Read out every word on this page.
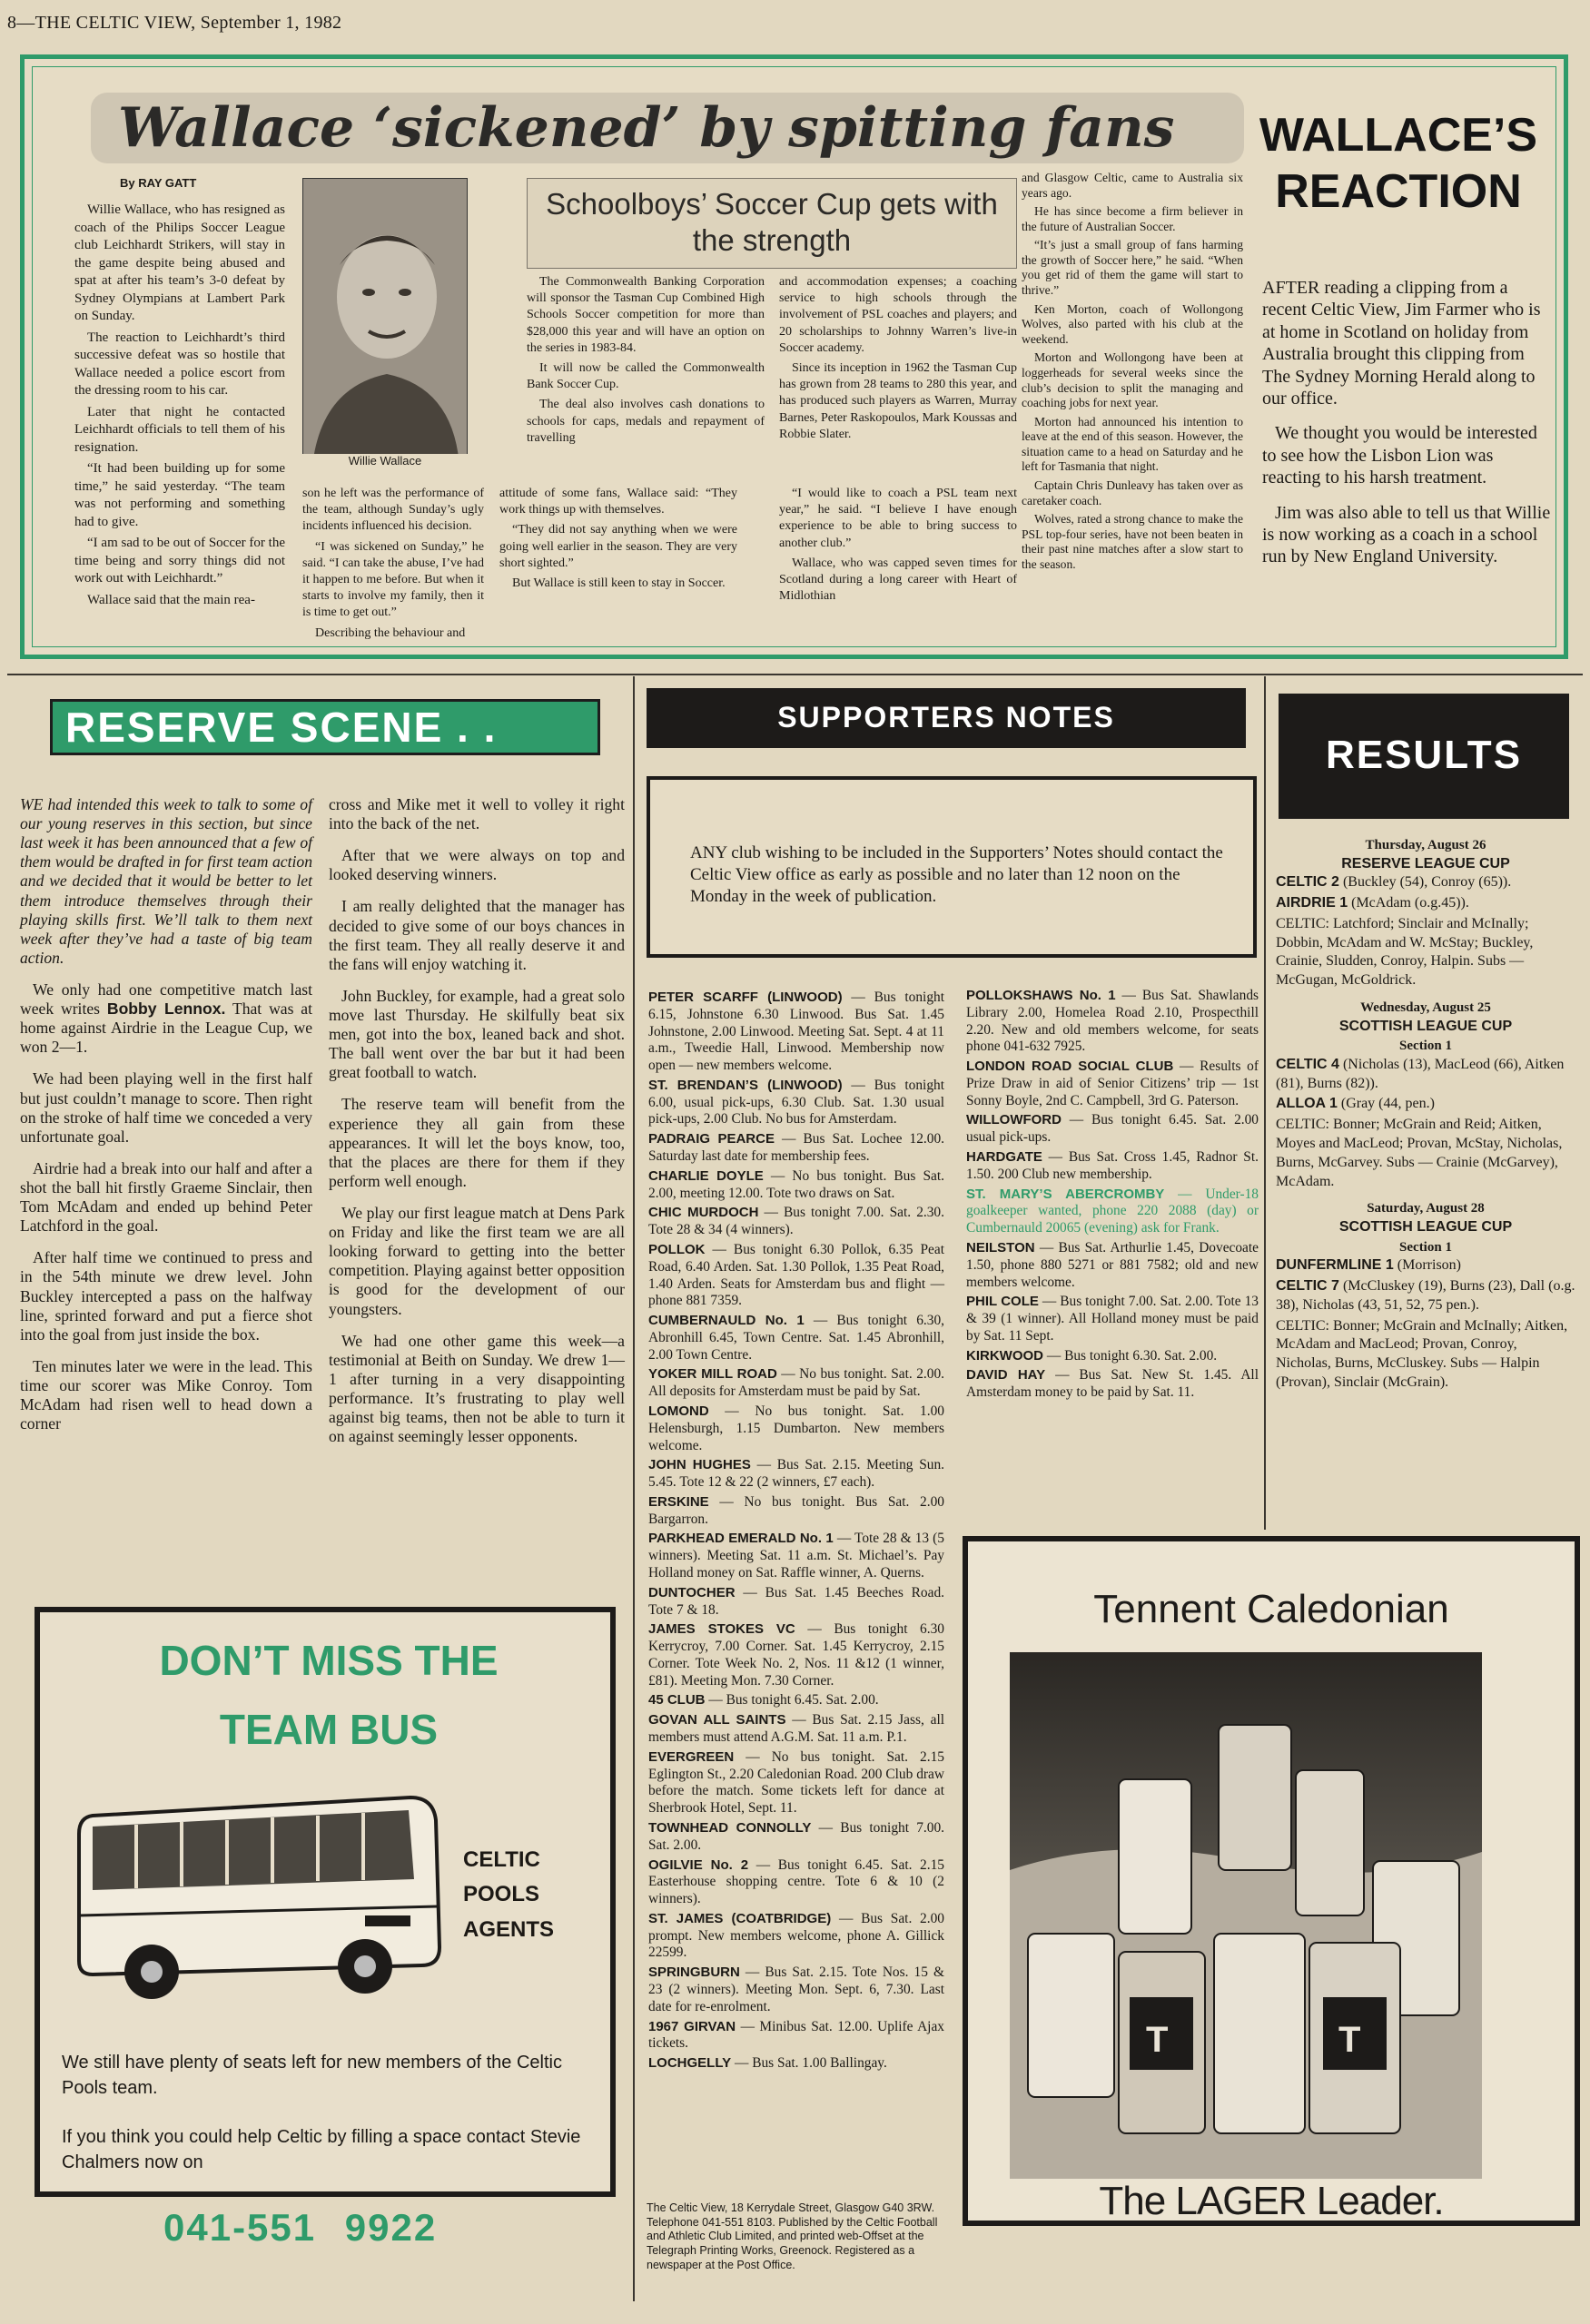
8—THE CELTIC VIEW, September 1, 1982
Wallace ‘sickened’ by spitting fans
By RAY GATT

Willie Wallace, who has resigned as coach of the Philips Soccer League club Leichhardt Strikers, will stay in the game despite being abused and spat at after his team’s 3-0 defeat by Sydney Olympians at Lambert Park on Sunday.

The reaction to Leichhardt’s third successive defeat was so hostile that Wallace needed a police escort from the dressing room to his car.

Later that night he contacted Leichhardt officials to tell them of his resignation.

“It had been building up for some time,” he said yesterday. “The team was not performing and something had to give.

“I am sad to be out of Soccer for the time being and sorry things did not work out with Leichhardt.”

Wallace said that the main rea-

Willie Wallace

son he left was the performance of the team, although Sunday’s ugly incidents influenced his decision.

“I was sickened on Sunday,” he said. “I can take the abuse, I’ve had it happen to me before. But when it starts to involve my family, then it is time to get out.”

Describing the behaviour and

Schoolboys’ Soccer Cup gets with the strength

The Commonwealth Banking Corporation will sponsor the Tasman Cup Combined High Schools Soccer competition for more than $28,000 this year and will have an option on the series in 1983-84.

It will now be called the Commonwealth Bank Soccer Cup.

The deal also involves cash donations to schools for caps, medals and repayment of travelling

and accommodation expenses; a coaching service to high schools through the involvement of PSL coaches and players; and 20 scholarships to Johnny Warren’s live-in Soccer academy.

Since its inception in 1962 the Tasman Cup has grown from 28 teams to 280 this year, and has produced such players as Warren, Murray Barnes, Peter Raskopoulos, Mark Koussas and Robbie Slater.

attitude of some fans, Wallace said: “They work things up with themselves.

“They did not say anything when we were going well earlier in the season. They are very short sighted.”

But Wallace is still keen to stay in Soccer.

“I would like to coach a PSL team next year,” he said. “I believe I have enough experience to be able to bring success to another club.”

Wallace, who was capped seven times for Scotland during a long career with Heart of Midlothian

and Glasgow Celtic, came to Australia six years ago.

He has since become a firm believer in the future of Australian Soccer.

“It’s just a small group of fans harming the growth of Soccer here,” he said. “When you get rid of them the game will start to thrive.”

Ken Morton, coach of Wollongong Wolves, also parted with his club at the weekend.

Morton and Wollongong have been at loggerheads for several weeks since the club’s decision to split the managing and coaching jobs for next year.

Morton had announced his intention to leave at the end of this season. However, the situation came to a head on Saturday and he left for Tasmania that night.

Captain Chris Dunleavy has taken over as caretaker coach.

Wolves, rated a strong chance to make the PSL top-four series, have not been beaten in their past nine matches after a slow start to the season.

WALLACE’S
REACTION

AFTER reading a clipping from a recent Celtic View, Jim Farmer who is at home in Scotland on holiday from Australia brought this clipping from The Sydney Morning Herald along to our office.

We thought you would be interested to see how the Lisbon Lion was reacting to his harsh treatment.

Jim was also able to tell us that Willie is now working as a coach in a school run by New England University.

RESERVE SCENE . .

WE had intended this week to talk to some of our young reserves in this section, but since last week it has been announced that a few of them would be drafted in for first team action and we decided that it would be better to let them introduce themselves through their playing skills first. We’ll talk to them next week after they’ve had a taste of big team action.

We only had one competitive match last week writes Bobby Lennox. That was at home against Airdrie in the League Cup, we won 2—1.

We had been playing well in the first half but just couldn’t manage to score. Then right on the stroke of half time we conceded a very unfortunate goal.

Airdrie had a break into our half and after a shot the ball hit firstly Graeme Sinclair, then Tom McAdam and ended up behind Peter Latchford in the goal.

After half time we continued to press and in the 54th minute we drew level. John Buckley intercepted a pass on the halfway line, sprinted forward and put a fierce shot into the goal from just inside the box.

Ten minutes later we were in the lead. This time our scorer was Mike Conroy. Tom McAdam had risen well to head down a corner

cross and Mike met it well to volley it right into the back of the net.

After that we were always on top and looked deserving winners.

I am really delighted that the manager has decided to give some of our boys chances in the first team. They all really deserve it and the fans will enjoy watching it.

John Buckley, for example, had a great solo move last Thursday. He skilfully beat six men, got into the box, leaned back and shot. The ball went over the bar but it had been great football to watch.

The reserve team will benefit from the experience they all gain from these appearances. It will let the boys know, too, that the places are there for them if they perform well enough.

We play our first league match at Dens Park on Friday and like the first team we are all looking forward to getting into the better competition. Playing against better opposition is good for the development of our youngsters.

We had one other game this week—a testimonial at Beith on Sunday. We drew 1—1 after turning in a very disappointing performance. It’s frustrating to play well against big teams, then not be able to turn it on against seemingly lesser opponents.

DON’T MISS THE
TEAM BUS
CELTIC
POOLS
AGENTS

We still have plenty of seats left for new members of the Celtic Pools team.

If you think you could help Celtic by filling a space contact Stevie Chalmers now on

041-551 9922
SUPPORTERS NOTES
ANY club wishing to be included in the Supporters’ Notes should contact the Celtic View office as early as possible and no later than 12 noon on the Monday in the week of publication.

PETER SCARFF (LINWOOD) — Bus tonight 6.15, Johnstone 6.30 Linwood. Bus Sat. 1.45 Johnstone, 2.00 Linwood. Meeting Sat. Sept. 4 at 11 a.m., Tweedie Hall, Linwood. Membership now open — new members welcome.

ST. BRENDAN’S (LINWOOD) — Bus tonight 6.00, usual pick-ups, 6.30 Club. Sat. 1.30 usual pick-ups, 2.00 Club. No bus for Amsterdam.

PADRAIG PEARCE — Bus Sat. Lochee 12.00. Saturday last date for membership fees.

CHARLIE DOYLE — No bus tonight. Bus Sat. 2.00, meeting 12.00. Tote two draws on Sat.

CHIC MURDOCH — Bus tonight 7.00. Sat. 2.30. Tote 28 & 34 (4 winners).

POLLOK — Bus tonight 6.30 Pollok, 6.35 Peat Road, 6.40 Arden. Sat. 1.30 Pollok, 1.35 Peat Road, 1.40 Arden. Seats for Amsterdam bus and flight — phone 881 7359.

CUMBERNAULD No. 1 — Bus tonight 6.30, Abronhill 6.45, Town Centre. Sat. 1.45 Abronhill, 2.00 Town Centre.

YOKER MILL ROAD — No bus tonight. Sat. 2.00. All deposits for Amsterdam must be paid by Sat.

LOMOND — No bus tonight. Sat. 1.00 Helensburgh, 1.15 Dumbarton. New members welcome.

JOHN HUGHES — Bus Sat. 2.15. Meeting Sun. 5.45. Tote 12 & 22 (2 winners, £7 each).

ERSKINE — No bus tonight. Bus Sat. 2.00 Bargarron.

PARKHEAD EMERALD No. 1 — Tote 28 & 13 (5 winners). Meeting Sat. 11 a.m. St. Michael’s. Pay Holland money on Sat. Raffle winner, A. Querns.

DUNTOCHER — Bus Sat. 1.45 Beeches Road. Tote 7 & 18.

JAMES STOKES VC — Bus tonight 6.30 Kerrycroy, 7.00 Corner. Sat. 1.45 Kerrycroy, 2.15 Corner. Tote Week No. 2, Nos. 11 &12 (1 winner, £81). Meeting Mon. 7.30 Corner.

45 CLUB — Bus tonight 6.45. Sat. 2.00.

GOVAN ALL SAINTS — Bus Sat. 2.15 Jass, all members must attend A.G.M. Sat. 11 a.m. P.1.

EVERGREEN — No bus tonight. Sat. 2.15 Eglington St., 2.20 Caledonian Road. 200 Club draw before the match. Some tickets left for dance at Sherbrook Hotel, Sept. 11.

TOWNHEAD CONNOLLY — Bus tonight 7.00. Sat. 2.00.

OGILVIE No. 2 — Bus tonight 6.45. Sat. 2.15 Easterhouse shopping centre. Tote 6 & 10 (2 winners).

ST. JAMES (COATBRIDGE) — Bus Sat. 2.00 prompt. New members welcome, phone A. Gillick 22599.

SPRINGBURN — Bus Sat. 2.15. Tote Nos. 15 & 23 (2 winners). Meeting Mon. Sept. 6, 7.30. Last date for re-enrolment.

1967 GIRVAN — Minibus Sat. 12.00. Uplife Ajax tickets.

LOCHGELLY — Bus Sat. 1.00 Ballingay.

POLLOKSHAWS No. 1 — Bus Sat. Shawlands Library 2.00, Homelea Road 2.10, Prospecthill 2.20. New and old members welcome, for seats phone 041-632 7925.

LONDON ROAD SOCIAL CLUB — Results of Prize Draw in aid of Senior Citizens’ trip — 1st Sonny Boyle, 2nd C. Campbell, 3rd G. Paterson.

WILLOWFORD — Bus tonight 6.45. Sat. 2.00 usual pick-ups.

HARDGATE — Bus Sat. Cross 1.45, Radnor St. 1.50. 200 Club new membership.

ST. MARY’S ABERCROMBY — Under-18 goalkeeper wanted, phone 220 2088 (day) or Cumbernauld 20065 (evening) ask for Frank.

NEILSTON — Bus Sat. Arthurlie 1.45, Dovecoate 1.50, phone 880 5271 or 881 7582; old and new members welcome.

PHIL COLE — Bus tonight 7.00. Sat. 2.00. Tote 13 & 39 (1 winner). All Holland money must be paid by Sat. 11 Sept.

KIRKWOOD — Bus tonight 6.30. Sat. 2.00.

DAVID HAY — Bus Sat. New St. 1.45. All Amsterdam money to be paid by Sat. 11.

The Celtic View, 18 Kerrydale Street, Glasgow G40 3RW. Telephone 041-551 8103. Published by the Celtic Football and Athletic Club Limited, and printed web-Offset at the Telegraph Printing Works, Greenock. Registered as a newspaper at the Post Office.
RESULTS
Thursday, August 26
RESERVE LEAGUE CUP

CELTIC 2 (Buckley (54), Conroy (65)).

AIRDRIE 1 (McAdam (o.g.45)).

CELTIC: Latchford; Sinclair and McInally; Dobbin, McAdam and W. McStay; Buckley, Crainie, Sludden, Conroy, Halpin. Subs — McGugan, McGoldrick.

Wednesday, August 25
SCOTTISH LEAGUE CUP
Section 1

CELTIC 4 (Nicholas (13), MacLeod (66), Aitken (81), Burns (82)).

ALLOA 1 (Gray (44, pen.)

CELTIC: Bonner; McGrain and Reid; Aitken, Moyes and MacLeod; Provan, McStay, Nicholas, Burns, McGarvey. Subs — Crainie (McGarvey), McAdam.

Saturday, August 28
SCOTTISH LEAGUE CUP
Section 1

DUNFERMLINE 1 (Morrison)

CELTIC 7 (McCluskey (19), Burns (23), Dall (o.g. 38), Nicholas (43, 51, 52, 75 pen.).

CELTIC: Bonner; McGrain and McInally; Aitken, McAdam and MacLeod; Provan, Conroy, Nicholas, Burns, McCluskey. Subs — Halpin (Provan), Sinclair (McGrain).

Tennent Caledonian
T	T
The LAGER Leader.
